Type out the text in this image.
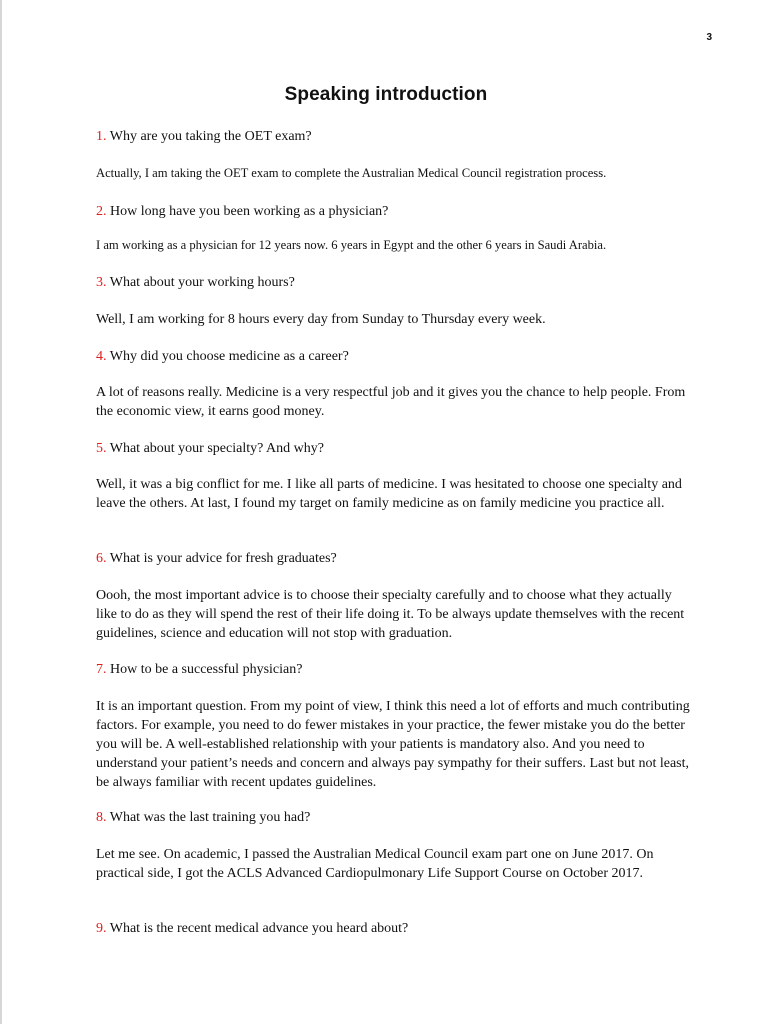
3
Speaking introduction
1. Why are you taking the OET exam?
Actually, I am taking the OET exam to complete the Australian Medical Council registration process.
2. How long have you been working as a physician?
I am working as a physician for 12 years now. 6 years in Egypt and the other 6 years in Saudi Arabia.
3. What about your working hours?
Well, I am working for 8 hours every day from Sunday to Thursday every week.
4. Why did you choose medicine as a career?
A lot of reasons really. Medicine is a very respectful job and it gives you the chance to help people. From the economic view, it earns good money.
5. What about your specialty? And why?
Well, it was a big conflict for me. I like all parts of medicine. I was hesitated to choose one specialty and leave the others. At last, I found my target on family medicine as on family medicine you practice all.
6. What is your advice for fresh graduates?
Oooh, the most important advice is to choose their specialty carefully and to choose what they actually like to do as they will spend the rest of their life doing it. To be always update themselves with the recent guidelines, science and education will not stop with graduation.
7. How to be a successful physician?
It is an important question. From my point of view, I think this need a lot of efforts and much contributing factors. For example, you need to do fewer mistakes in your practice, the fewer mistake you do the better you will be. A well-established relationship with your patients is mandatory also. And you need to understand your patient’s needs and concern and always pay sympathy for their suffers. Last but not least, be always familiar with recent updates guidelines.
8. What was the last training you had?
Let me see. On academic, I passed the Australian Medical Council exam part one on June 2017. On practical side, I got the ACLS Advanced Cardiopulmonary Life Support Course on October 2017.
9. What is the recent medical advance you heard about?
